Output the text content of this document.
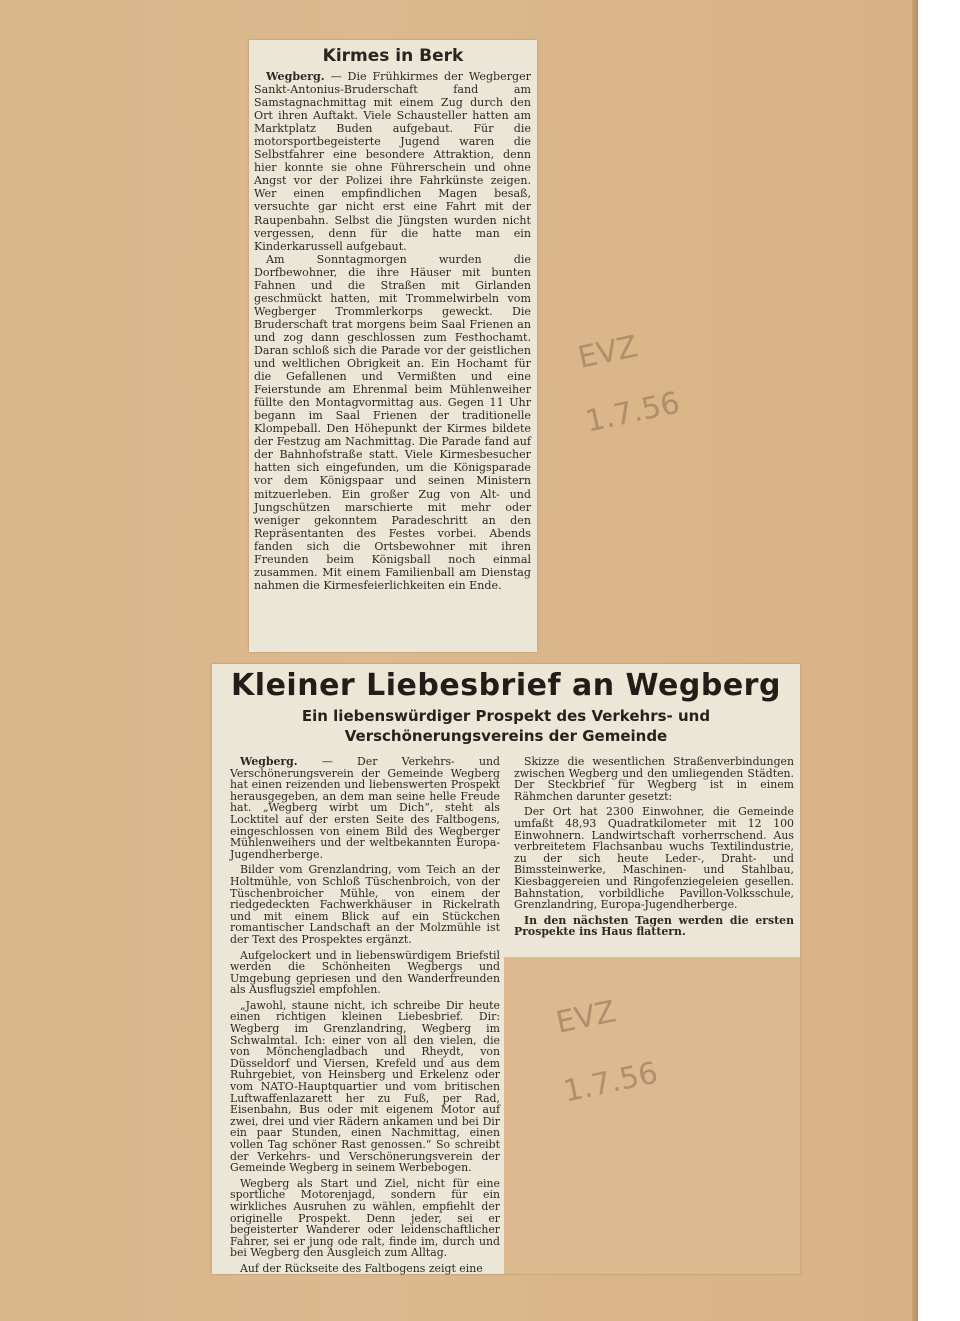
Kirmes in Berk

Wegberg. — Die Frühkirmes der Wegberger Sankt-Antonius-Bruderschaft fand am Samstagnachmittag mit einem Zug durch den Ort ihren Auftakt. Viele Schausteller hatten am Marktplatz Buden aufgebaut. Für die motorsportbegeisterte Jugend waren die Selbstfahrer eine besondere Attraktion, denn hier konnte sie ohne Führerschein und ohne Angst vor der Polizei ihre Fahrkünste zeigen. Wer einen empfindlichen Magen besaß, versuchte gar nicht erst eine Fahrt mit der Raupenbahn. Selbst die Jüngsten wurden nicht vergessen, denn für die hatte man ein Kinderkarussell aufgebaut.

Am Sonntagmorgen wurden die Dorfbewohner, die ihre Häuser mit bunten Fahnen und die Straßen mit Girlanden geschmückt hatten, mit Trommelwirbeln vom Wegberger Trommlerkorps geweckt. Die Bruderschaft trat morgens beim Saal Frienen an und zog dann geschlossen zum Festhochamt. Daran schloß sich die Parade vor der geistlichen und weltlichen Obrigkeit an. Ein Hochamt für die Gefallenen und Vermißten und eine Feierstunde am Ehrenmal beim Mühlenweiher füllte den Montagvormittag aus. Gegen 11 Uhr begann im Saal Frienen der traditionelle Klompeball. Den Höhepunkt der Kirmes bildete der Festzug am Nachmittag. Die Parade fand auf der Bahnhofstraße statt. Viele Kirmesbesucher hatten sich eingefunden, um die Königsparade vor dem Königspaar und seinen Ministern mitzuerleben. Ein großer Zug von Alt- und Jungschützen marschierte mit mehr oder weniger gekonntem Paradeschritt an den Repräsentanten des Festes vorbei. Abends fanden sich die Ortsbewohner mit ihren Freunden beim Königsball noch einmal zusammen. Mit einem Familienball am Dienstag nahmen die Kirmesfeierlichkeiten ein Ende.

Kleiner Liebesbrief an Wegberg
Ein liebenswürdiger Prospekt des Verkehrs- und Verschönerungsvereins der Gemeinde

Wegberg. — Der Verkehrs- und Verschönerungsverein der Gemeinde Wegberg hat einen reizenden und liebenswerten Prospekt herausgegeben, an dem man seine helle Freude hat. „Wegberg wirbt um Dich“, steht als Locktitel auf der ersten Seite des Faltbogens, eingeschlossen von einem Bild des Wegberger Mühlenweihers und der weltbekannten Europa-Jugendherberge.

Bilder vom Grenzlandring, vom Teich an der Holtmühle, von Schloß Tüschenbroich, von der Tüschenbroicher Mühle, von einem der riedgedeckten Fachwerkhäuser in Rickelrath und mit einem Blick auf ein Stückchen romantischer Landschaft an der Molzmühle ist der Text des Prospektes ergänzt.

Aufgelockert und in liebenswürdigem Briefstil werden die Schönheiten Wegbergs und Umgebung gepriesen und den Wanderfreunden als Ausflugsziel empfohlen.

„Jawohl, staune nicht, ich schreibe Dir heute einen richtigen kleinen Liebesbrief. Dir: Wegberg im Grenzlandring, Wegberg im Schwalmtal. Ich: einer von all den vielen, die von Mönchengladbach und Rheydt, von Düsseldorf und Viersen, Krefeld und aus dem Ruhrgebiet, von Heinsberg und Erkelenz oder vom NATO-Hauptquartier und vom britischen Luftwaffenlazarett her zu Fuß, per Rad, Eisenbahn, Bus oder mit eigenem Motor auf zwei, drei und vier Rädern ankamen und bei Dir ein paar Stunden, einen Nachmittag, einen vollen Tag schöner Rast genossen.“ So schreibt der Verkehrs- und Verschönerungsverein der Gemeinde Wegberg in seinem Werbebogen.

Wegberg als Start und Ziel, nicht für eine sportliche Motorenjagd, sondern für ein wirkliches Ausruhen zu wählen, empfiehlt der originelle Prospekt. Denn jeder, sei er begeisterter Wanderer oder leidenschaftlicher Fahrer, sei er jung ode ralt, finde im, durch und bei Wegberg den Ausgleich zum Alltag.

Auf der Rückseite des Faltbogens zeigt eine

Skizze die wesentlichen Straßenverbindungen zwischen Wegberg und den umliegenden Städten. Der Steckbrief für Wegberg ist in einem Rähmchen darunter gesetzt:

Der Ort hat 2300 Einwohner, die Gemeinde umfaßt 48,93 Quadratkilometer mit 12 100 Einwohnern. Landwirtschaft vorherrschend. Aus verbreitetem Flachsanbau wuchs Textilindustrie, zu der sich heute Leder-, Draht- und Bimssteinwerke, Maschinen- und Stahlbau, Kiesbaggereien und Ringofenziegeleien gesellen. Bahnstation, vorbildliche Pavillon-Volksschule, Grenzlandring, Europa-Jugendherberge.

In den nächsten Tagen werden die ersten Prospekte ins Haus flattern.

EVZ
1.7.56
EVZ
1.7.56
